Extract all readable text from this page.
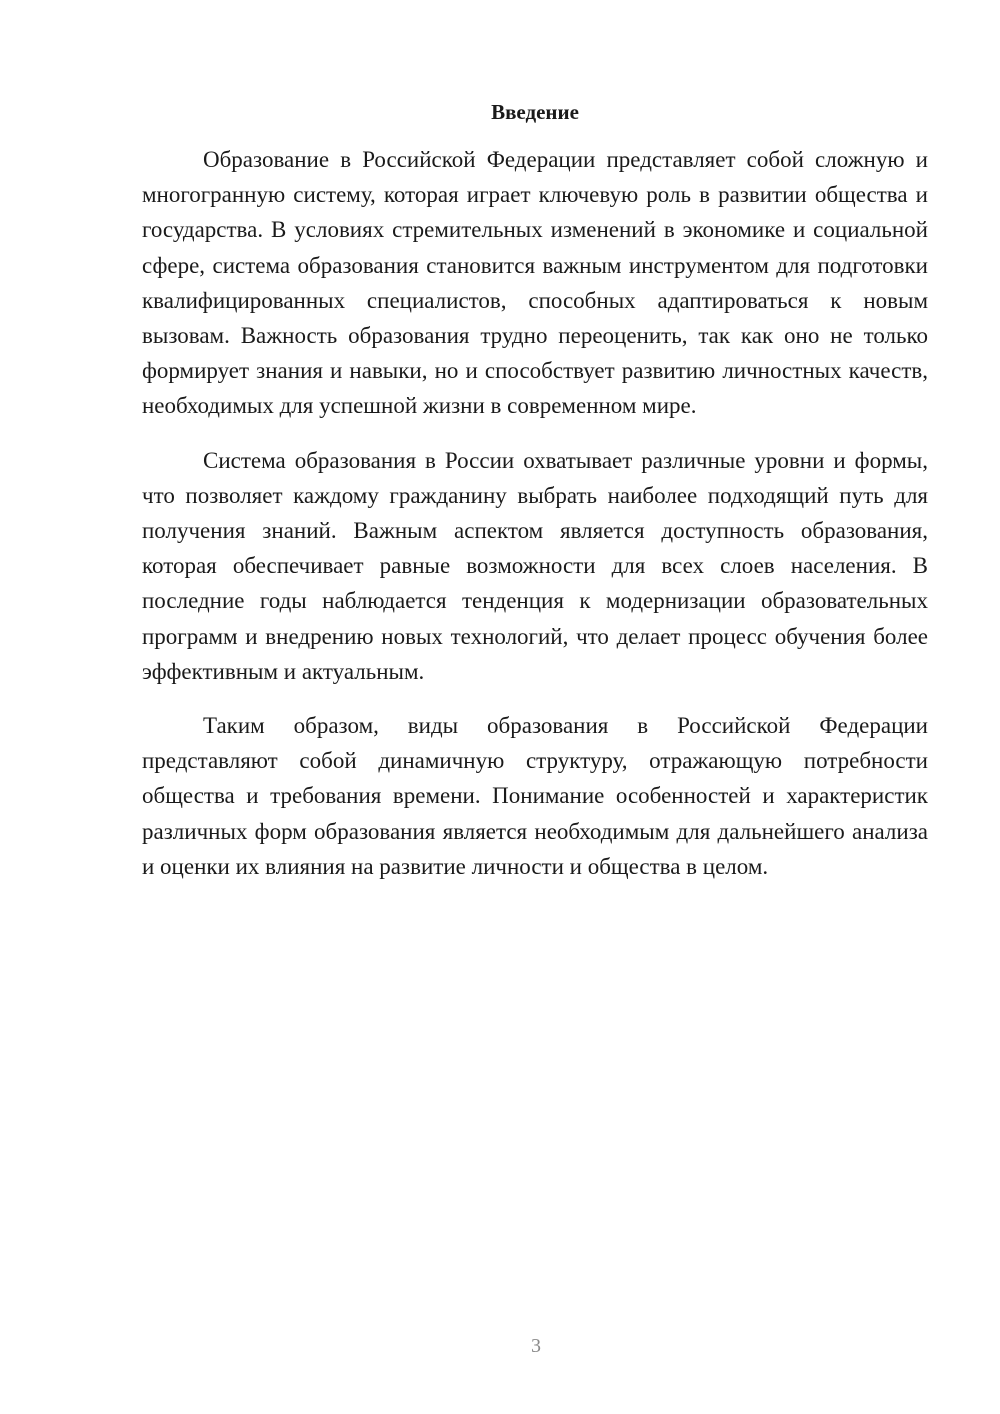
Введение

Образование в Российской Федерации представляет собой сложную и многогранную систему, которая играет ключевую роль в развитии общества и государства. В условиях стремительных изменений в экономике и социальной сфере, система образования становится важным инструментом для подготовки квалифицированных специалистов, способных адаптироваться к новым вызовам. Важность образования трудно переоценить, так как оно не только формирует знания и навыки, но и способствует развитию личностных качеств, необходимых для успешной жизни в современном мире.

Система образования в России охватывает различные уровни и формы, что позволяет каждому гражданину выбрать наиболее подходящий путь для получения знаний. Важным аспектом является доступность образования, которая обеспечивает равные возможности для всех слоев населения. В последние годы наблюдается тенденция к модернизации образовательных программ и внедрению новых технологий, что делает процесс обучения более эффективным и актуальным.

Таким образом, виды образования в Российской Федерации представляют собой динамичную структуру, отражающую потребности общества и требования времени. Понимание особенностей и характеристик различных форм образования является необходимым для дальнейшего анализа и оценки их влияния на развитие личности и общества в целом.

3
